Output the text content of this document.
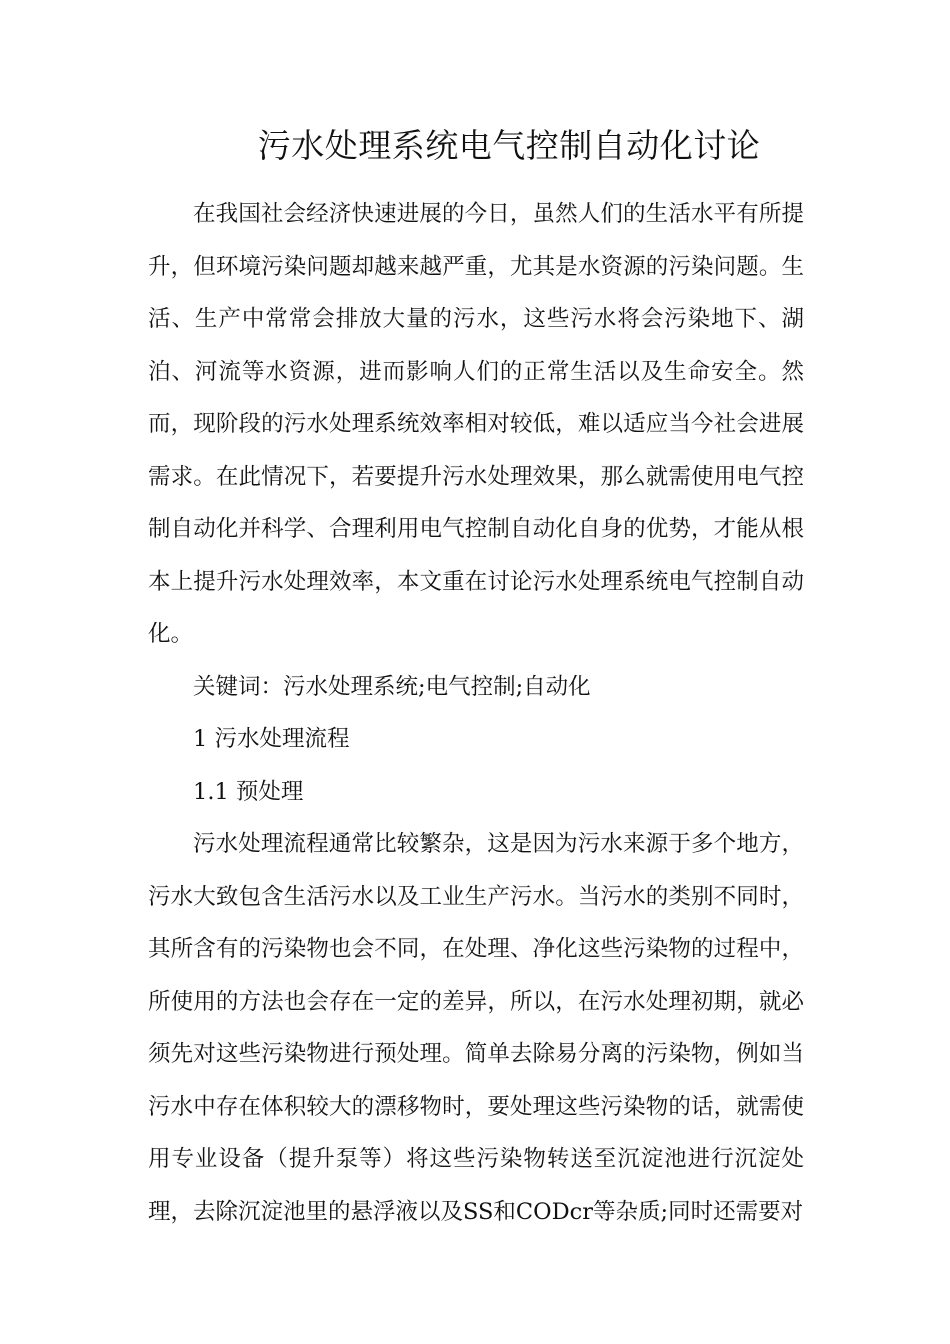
污水处理系统电气控制自动化讨论

在我国社会经济快速进展的今日，虽然人们的生活水平有所提升，但环境污染问题却越来越严重，尤其是水资源的污染问题。生活、生产中常常会排放大量的污水，这些污水将会污染地下、湖泊、河流等水资源，进而影响人们的正常生活以及生命安全。然而，现阶段的污水处理系统效率相对较低，难以适应当今社会进展需求。在此情况下，若要提升污水处理效果，那么就需使用电气控制自动化并科学、合理利用电气控制自动化自身的优势，才能从根本上提升污水处理效率，本文重在讨论污水处理系统电气控制自动化。

关键词：污水处理系统;电气控制;自动化

1 污水处理流程

1.1 预处理

污水处理流程通常比较繁杂，这是因为污水来源于多个地方，污水大致包含生活污水以及工业生产污水。当污水的类别不同时，其所含有的污染物也会不同，在处理、净化这些污染物的过程中，所使用的方法也会存在一定的差异，所以，在污水处理初期，就必须先对这些污染物进行预处理。简单去除易分离的污染物，例如当污水中存在体积较大的漂移物时，要处理这些污染物的话，就需使用专业设备（提升泵等）将这些污染物转送至沉淀池进行沉淀处理，去除沉淀池里的悬浮液以及SS和CODcr等杂质;同时还需要对
